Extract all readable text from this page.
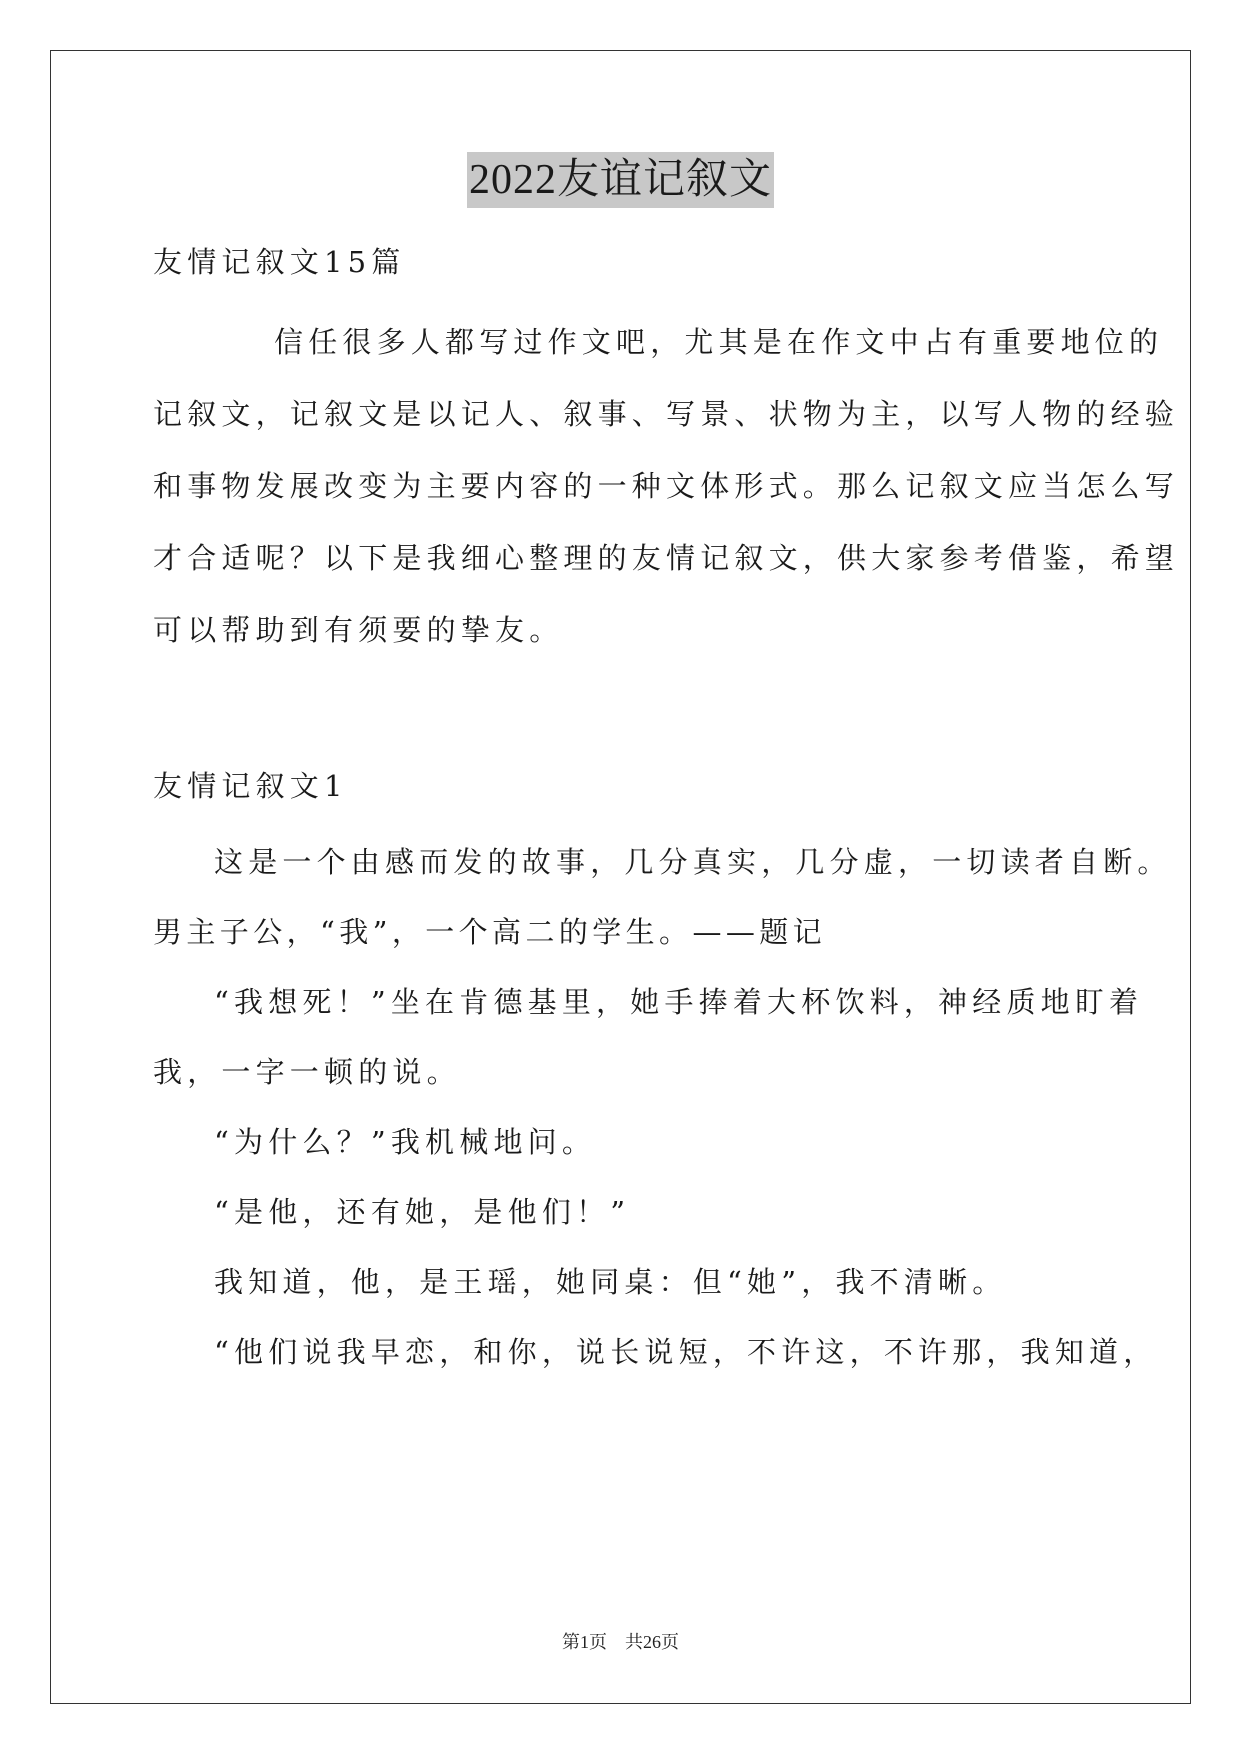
2022友谊记叙文
友情记叙文15篇
信任很多人都写过作文吧，尤其是在作文中占有重要地位的
记叙文，记叙文是以记人、叙事、写景、状物为主，以写人物的经验
和事物发展改变为主要内容的一种文体形式。那么记叙文应当怎么写
才合适呢？以下是我细心整理的友情记叙文，供大家参考借鉴，希望
可以帮助到有须要的挚友。
友情记叙文1
这是一个由感而发的故事，几分真实，几分虚，一切读者自断。
男主子公，“我”，一个高二的学生。——题记
“我想死！”坐在肯德基里，她手捧着大杯饮料，神经质地盯着
我，一字一顿的说。
“为什么？”我机械地问。
“是他，还有她，是他们！”
我知道，他，是王瑶，她同桌：但“她”，我不清晰。
“他们说我早恋，和你，说长说短，不许这，不许那，我知道，
第1页　共26页
